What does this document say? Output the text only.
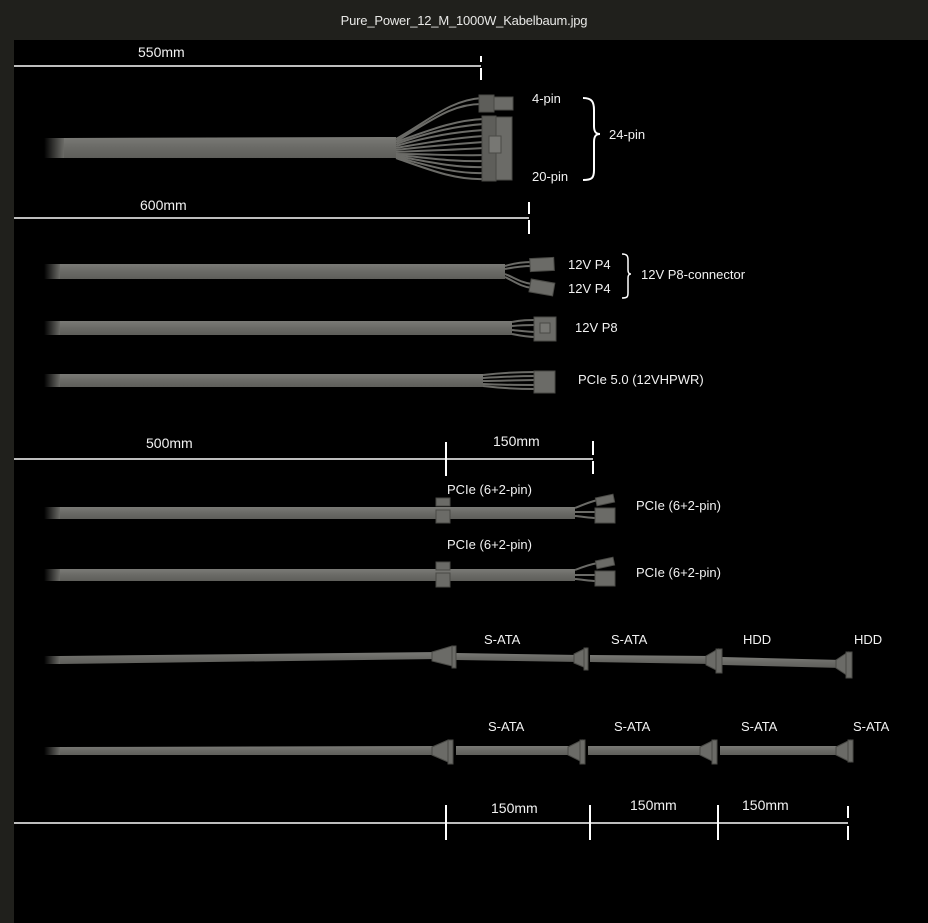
Pure_Power_12_M_1000W_Kabelbaum.jpg
550mm
600mm
500mm	150mm
150mm	150mm	150mm
4-pin
20-pin
24-pin
12V P4
12V P4
12V P8-connector
12V P8
PCIe 5.0 (12VHPWR)
PCIe (6+2-pin)
PCIe (6+2-pin)
PCIe (6+2-pin)
PCIe (6+2-pin)
S-ATA	S-ATA	HDD	HDD
S-ATA	S-ATA	S-ATA	S-ATA
